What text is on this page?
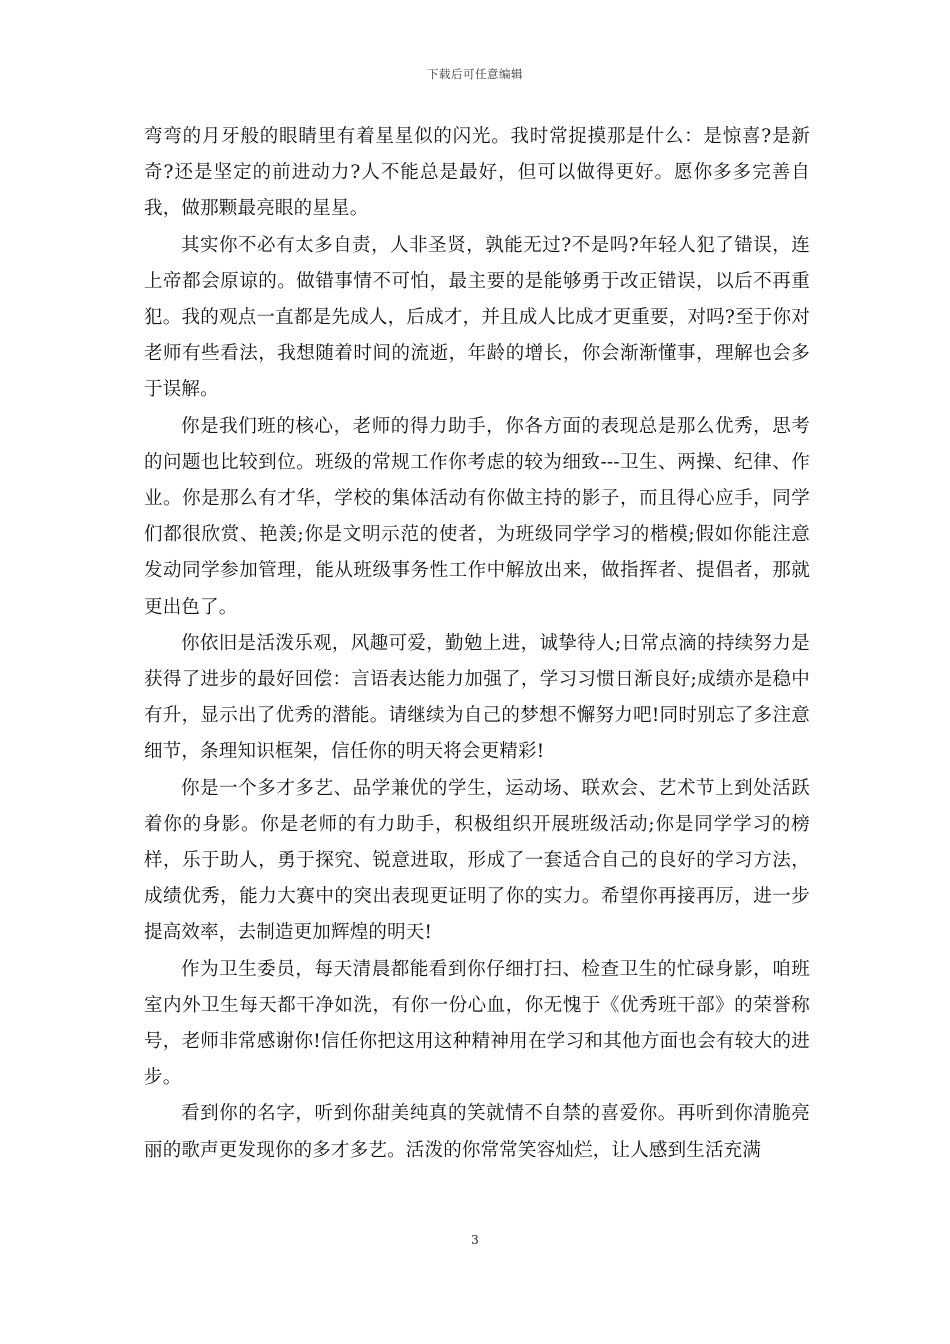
下载后可任意编辑

弯弯的月牙般的眼睛里有着星星似的闪光。我时常捉摸那是什么：是惊喜?是新奇?还是坚定的前进动力?人不能总是最好，但可以做得更好。愿你多多完善自我，做那颗最亮眼的星星。

其实你不必有太多自责，人非圣贤，孰能无过?不是吗?年轻人犯了错误，连上帝都会原谅的。做错事情不可怕，最主要的是能够勇于改正错误，以后不再重犯。我的观点一直都是先成人，后成才，并且成人比成才更重要，对吗?至于你对老师有些看法，我想随着时间的流逝，年龄的增长，你会渐渐懂事，理解也会多于误解。

你是我们班的核心，老师的得力助手，你各方面的表现总是那么优秀，思考的问题也比较到位。班级的常规工作你考虑的较为细致---卫生、两操、纪律、作业。你是那么有才华，学校的集体活动有你做主持的影子，而且得心应手，同学们都很欣赏、艳羡;你是文明示范的使者，为班级同学学习的楷模;假如你能注意发动同学参加管理，能从班级事务性工作中解放出来，做指挥者、提倡者，那就更出色了。

你依旧是活泼乐观，风趣可爱，勤勉上进，诚挚待人;日常点滴的持续努力是获得了进步的最好回偿：言语表达能力加强了，学习习惯日渐良好;成绩亦是稳中有升，显示出了优秀的潜能。请继续为自己的梦想不懈努力吧!同时别忘了多注意细节，条理知识框架，信任你的明天将会更精彩!

你是一个多才多艺、品学兼优的学生，运动场、联欢会、艺术节上到处活跃着你的身影。你是老师的有力助手，积极组织开展班级活动;你是同学学习的榜样，乐于助人，勇于探究、锐意进取，形成了一套适合自己的良好的学习方法，成绩优秀，能力大赛中的突出表现更证明了你的实力。希望你再接再厉，进一步提高效率，去制造更加辉煌的明天!

作为卫生委员，每天清晨都能看到你仔细打扫、检查卫生的忙碌身影，咱班室内外卫生每天都干净如洗，有你一份心血，你无愧于《优秀班干部》的荣誉称号，老师非常感谢你!信任你把这用这种精神用在学习和其他方面也会有较大的进步。

看到你的名字，听到你甜美纯真的笑就情不自禁的喜爱你。再听到你清脆亮丽的歌声更发现你的多才多艺。活泼的你常常笑容灿烂，让人感到生活充满

3
